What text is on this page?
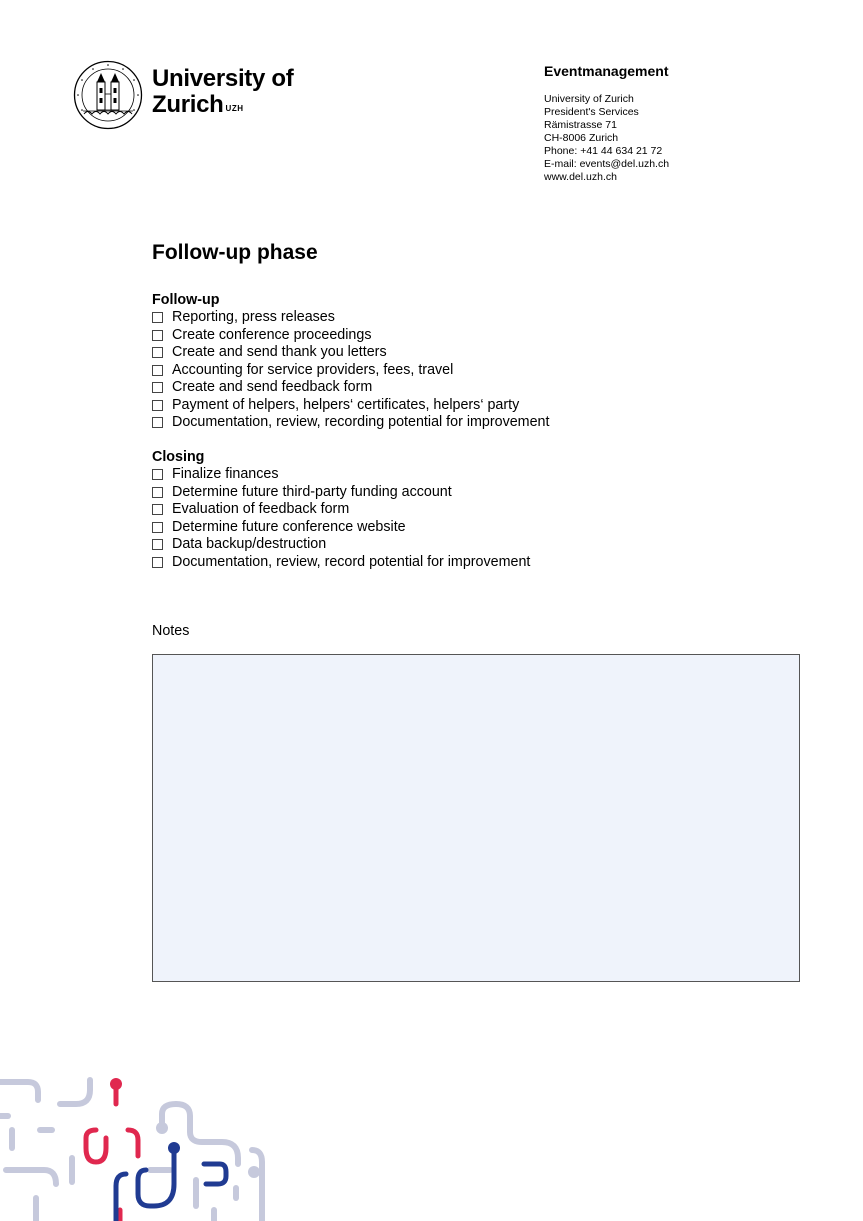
University of
Zurich $^{UZH}$
Eventmanagement
University of Zurich
President's Services
Rämistrasse 71
CH-8006 Zurich
Phone: +41 44 634 21 72
E-mail: events@del.uzh.ch
www.del.uzh.ch
Follow-up phase
Follow-up
Reporting, press releases
Create conference proceedings
Create and send thank you letters
Accounting for service providers, fees, travel
Create and send feedback form
Payment of helpers, helpers‘ certificates, helpers‘ party
Documentation, review, recording potential for improvement
Closing
Finalize finances
Determine future third-party funding account
Evaluation of feedback form
Determine future conference website
Data backup/destruction
Documentation, review, record potential for improvement
Notes
